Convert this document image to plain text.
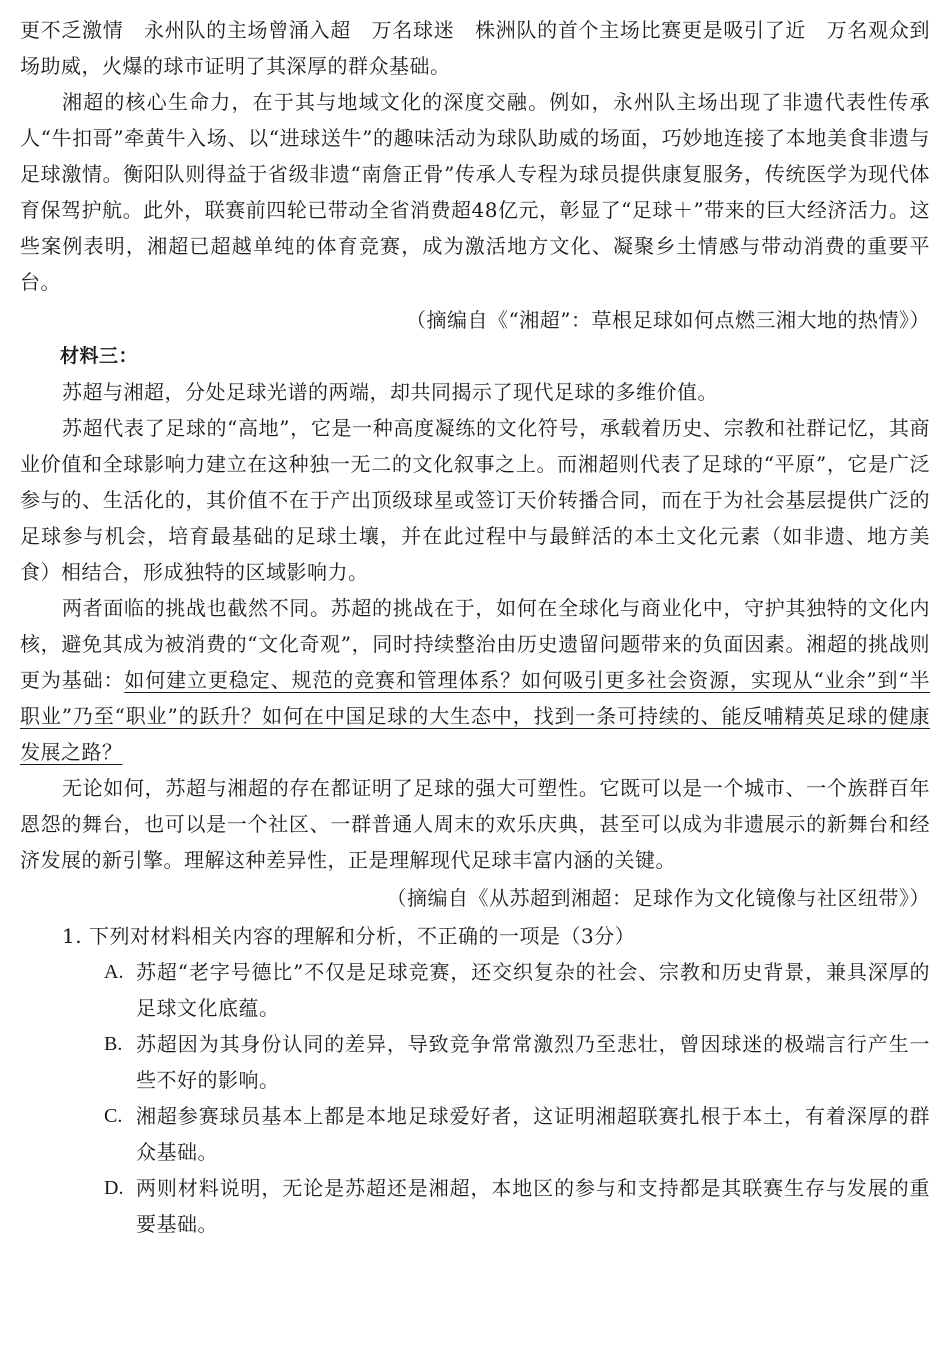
更不乏激情　永州队的主场曾涌入超　万名球迷　株洲队的首个主场比赛更是吸引了近　万名观众到场助威，火爆的球市证明了其深厚的群众基础。

湘超的核心生命力，在于其与地域文化的深度交融。例如，永州队主场出现了非遗代表性传承人“牛扣哥”牵黄牛入场、以“进球送牛”的趣味活动为球队助威的场面，巧妙地连接了本地美食非遗与足球激情。衡阳队则得益于省级非遗“南詹正骨”传承人专程为球员提供康复服务，传统医学为现代体育保驾护航。此外，联赛前四轮已带动全省消费超48亿元，彰显了“足球＋”带来的巨大经济活力。这些案例表明，湘超已超越单纯的体育竞赛，成为激活地方文化、凝聚乡土情感与带动消费的重要平台。

（摘编自《“湘超”：草根足球如何点燃三湘大地的热情》）

材料三：

苏超与湘超，分处足球光谱的两端，却共同揭示了现代足球的多维价值。

苏超代表了足球的“高地”，它是一种高度凝练的文化符号，承载着历史、宗教和社群记忆，其商业价值和全球影响力建立在这种独一无二的文化叙事之上。而湘超则代表了足球的“平原”，它是广泛参与的、生活化的，其价值不在于产出顶级球星或签订天价转播合同，而在于为社会基层提供广泛的足球参与机会，培育最基础的足球土壤，并在此过程中与最鲜活的本土文化元素（如非遗、地方美食）相结合，形成独特的区域影响力。

两者面临的挑战也截然不同。苏超的挑战在于，如何在全球化与商业化中，守护其独特的文化内核，避免其成为被消费的“文化奇观”，同时持续整治由历史遗留问题带来的负面因素。湘超的挑战则更为基础：如何建立更稳定、规范的竞赛和管理体系？如何吸引更多社会资源，实现从“业余”到“半职业”乃至“职业”的跃升？如何在中国足球的大生态中，找到一条可持续的、能反哺精英足球的健康发展之路？

无论如何，苏超与湘超的存在都证明了足球的强大可塑性。它既可以是一个城市、一个族群百年恩怨的舞台，也可以是一个社区、一群普通人周末的欢乐庆典，甚至可以成为非遗展示的新舞台和经济发展的新引擎。理解这种差异性，正是理解现代足球丰富内涵的关键。

（摘编自《从苏超到湘超：足球作为文化镜像与社区纽带》）

1. 下列对材料相关内容的理解和分析，不正确的一项是（3分）

A. 苏超“老字号德比”不仅是足球竞赛，还交织复杂的社会、宗教和历史背景，兼具深厚的足球文化底蕴。
B. 苏超因为其身份认同的差异，导致竞争常常激烈乃至悲壮，曾因球迷的极端言行产生一些不好的影响。
C. 湘超参赛球员基本上都是本地足球爱好者，这证明湘超联赛扎根于本土，有着深厚的群众基础。
D. 两则材料说明，无论是苏超还是湘超，本地区的参与和支持都是其联赛生存与发展的重要基础。
